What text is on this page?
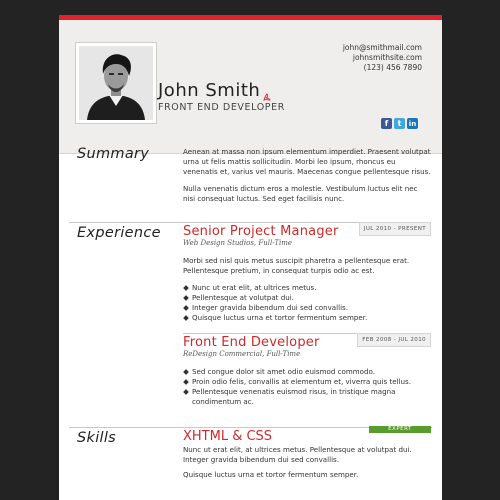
John Smith
FRONT END DEVELOPER
john@smithmail.com
johnsmithsite.com
(123) 456 7890
f	t	in
Summary	Aenean at massa non ipsum elementum imperdiet. Praesent volutpat urna ut felis mattis sollicitudin. Morbi leo ipsum, rhoncus eu venenatis et, varius vel mauris. Maecenas congue pellentesque risus.

Nulla venenatis dictum eros a molestie. Vestibulum luctus elit nec nisi consequat luctus. Sed eget facilisis nunc.

Experience	JUL 2010 - PRESENT
Senior Project Manager
Web Design Studios, Full-Time

Morbi sed nisl quis metus suscipit pharetra a pellentesque erat. Pellentesque pretium, in consequat turpis odio ac est.

Nunc ut erat elit, at ultrices metus.
Pellentesque at volutpat dui.
Integer gravida bibendum dui sed convallis.
Quisque luctus urna et tortor fermentum semper.
FEB 2008 - JUL 2010
Front End Developer
ReDesign Commercial, Full-Time
Sed congue dolor sit amet odio euismod commodo.
Proin odio felis, convallis at elementum et, viverra quis tellus.
Pellentesque venenatis euismod risus, in tristique magna condimentum ac.
Skills
EXPERT
XHTML & CSS

Nunc ut erat elit, at ultrices metus. Pellentesque at volutpat dui. Integer gravida bibendum dui sed convallis.

Quisque luctus urna et tortor fermentum semper.
